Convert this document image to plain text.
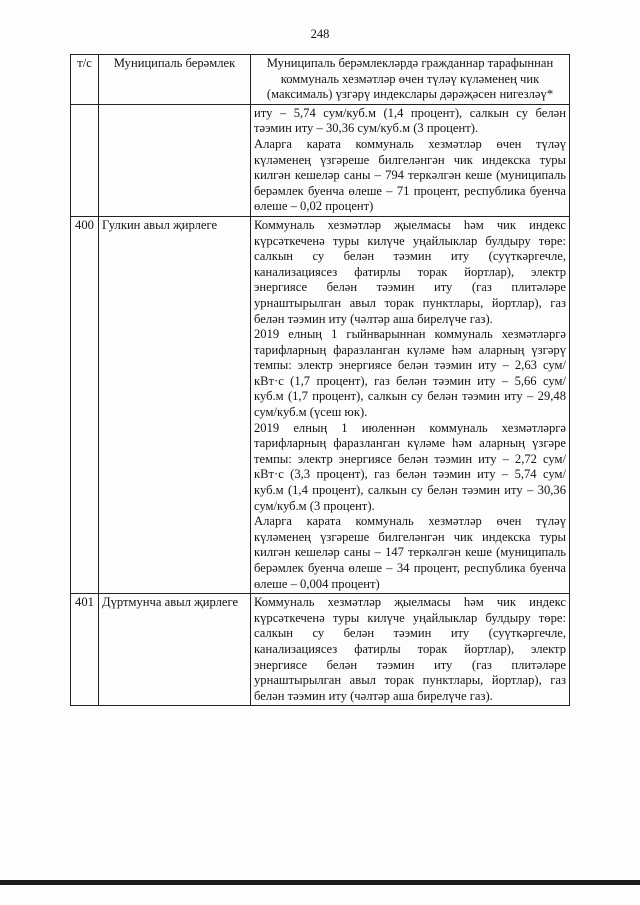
248
т/с	Муниципаль берәмлек	Муниципаль берәмлекләрдә гражданнар тарафыннан коммуналь хезмәтләр өчен түләү күләменең чик (максималь) үзгәрү индекслары дәрәҗәсен нигезләү*

		иту – 5,74 сум/куб.м (1,4 процент), салкын су белән тәэмин иту – 30,36 сум/куб.м (3 процент).

Аларга карата коммуналь хезмәтләр өчен түләү күләменең үзгәреше билгеләнгән чик индекска туры килгән кешеләр саны – 794 теркәлгән кеше (муниципаль берәмлек буенча өлеше – 71 процент, республика буенча өлеше – 0,02 процент)

400	Гулкин авыл җирлеге	Коммуналь хезмәтләр җыелмасы һәм чик индекс күрсәткеченә туры килүче уңайлыклар булдыру төре: салкын су белән тәэмин иту (суүткәргечле, канализациясез фатирлы торак йортлар), электр энергиясе белән тәэмин иту (газ плитәләре урнаштырылган авыл торак пунктлары, йортлар), газ белән тәэмин иту (чәлтәр аша бирелүче газ).

2019 елның 1 гыйнварыннан коммуналь хезмәтләргә тарифларның фаразланган күләме һәм аларның үзгәрү темпы: электр энергиясе белән тәэмин иту – 2,63 сум/кВт·с (1,7 процент), газ белән тәэмин иту – 5,66 сум/куб.м (1,7 процент), салкын су белән тәэмин иту – 29,48 сум/куб.м (үсеш юк).

2019 елның 1 июленнән коммуналь хезмәтләргә тарифларның фаразланган күләме һәм аларның үзгәре темпы: электр энергиясе белән тәэмин иту – 2,72 сум/кВт·с (3,3 процент), газ белән тәэмин иту – 5,74 сум/куб.м (1,4 процент), салкын су белән тәэмин иту – 30,36 сум/куб.м (3 процент).

Аларга карата коммуналь хезмәтләр өчен түләү күләменең үзгәреше билгеләнгән чик индекска туры килгән кешеләр саны – 147 теркәлгән кеше (муниципаль берәмлек буенча өлеше – 34 процент, республика буенча өлеше – 0,004 процент)

401	Дүртмунча авыл җирлеге	Коммуналь хезмәтләр җыелмасы һәм чик индекс күрсәткеченә туры килүче уңайлыклар булдыру төре: салкын су белән тәэмин иту (суүткәргечле, канализациясез фатирлы торак йортлар), электр энергиясе белән тәэмин иту (газ плитәләре урнаштырылган авыл торак пунктлары, йортлар), газ белән тәэмин иту (чәлтәр аша бирелүче газ).
